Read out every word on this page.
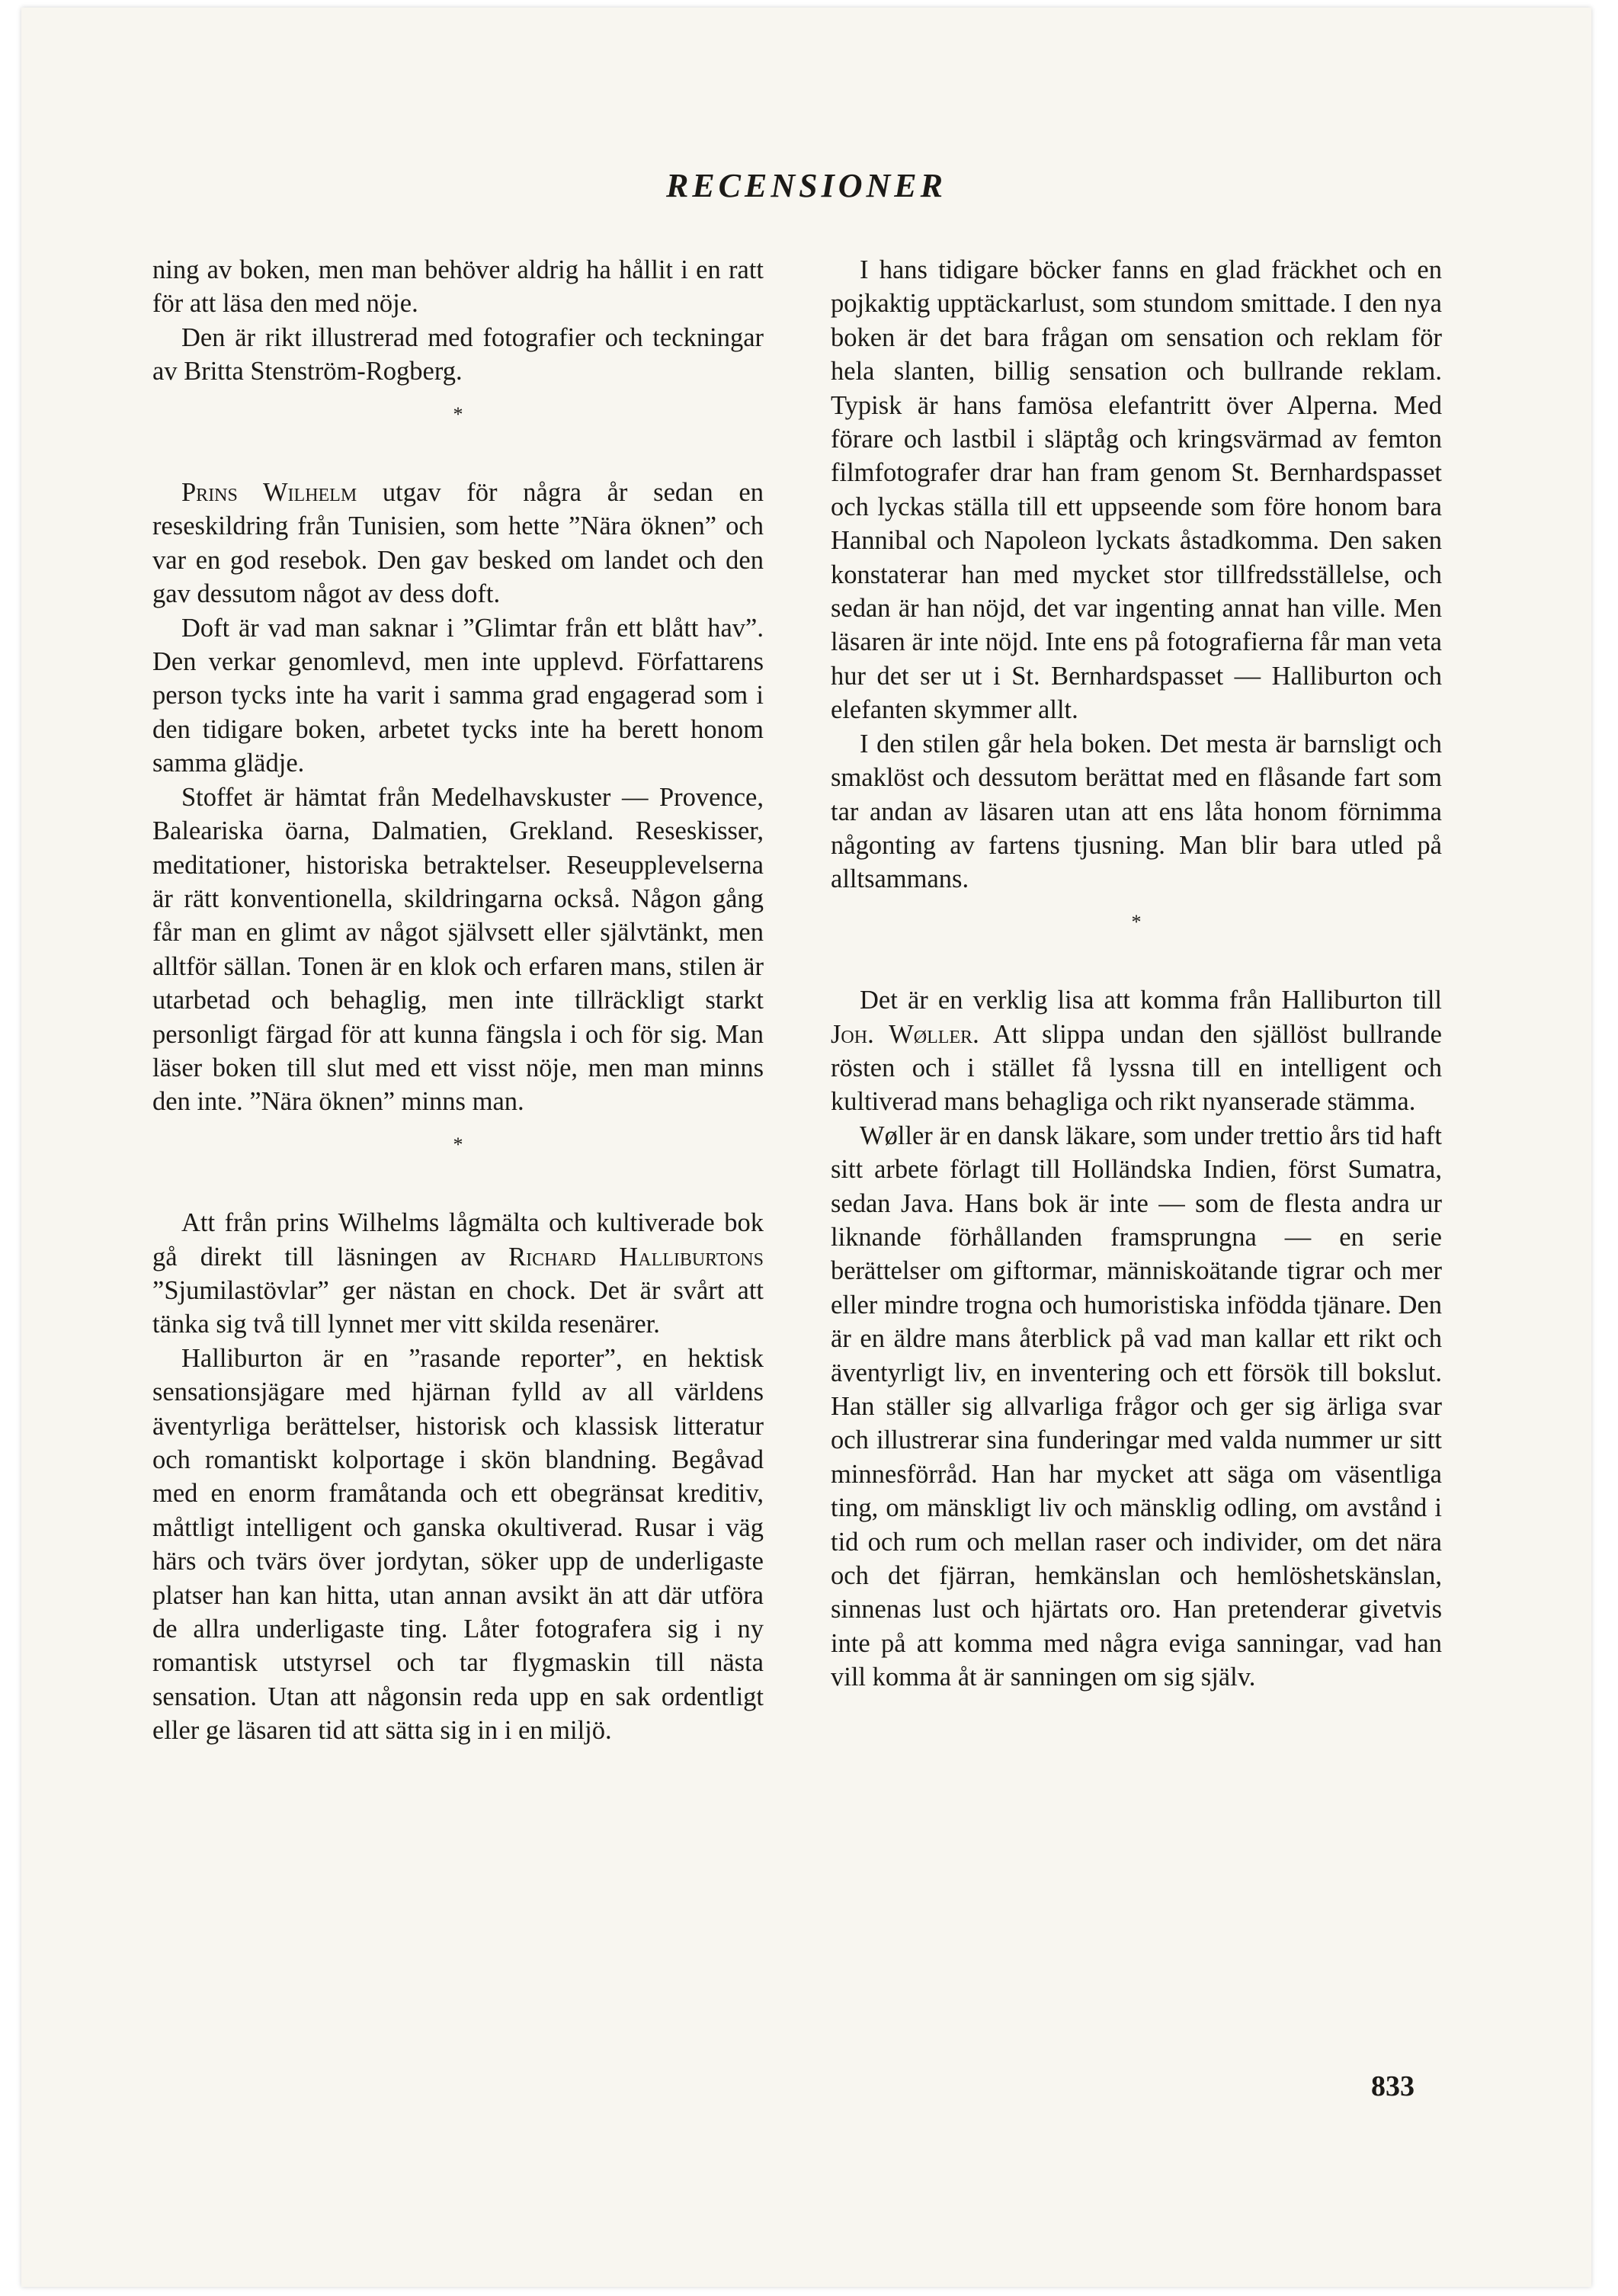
RECENSIONER

ning av boken, men man behöver aldrig ha hållit i en ratt för att läsa den med nöje.

Den är rikt illustrerad med fotografier och teckningar av Britta Stenström-Rogberg.

*

Prins Wilhelm utgav för några år sedan en reseskildring från Tunisien, som hette ”Nära öknen” och var en god resebok. Den gav besked om landet och den gav dessutom något av dess doft.

Doft är vad man saknar i ”Glimtar från ett blått hav”. Den verkar genomlevd, men inte upplevd. Författarens person tycks inte ha varit i samma grad engagerad som i den tidigare boken, arbetet tycks inte ha berett honom samma glädje.

Stoffet är hämtat från Medelhavskuster — Provence, Baleariska öarna, Dalmatien, Grekland. Reseskisser, meditationer, historiska betraktelser. Reseupplevelserna är rätt konventionella, skildringarna också. Någon gång får man en glimt av något självsett eller självtänkt, men alltför sällan. Tonen är en klok och erfaren mans, stilen är utarbetad och behaglig, men inte tillräckligt starkt personligt färgad för att kunna fängsla i och för sig. Man läser boken till slut med ett visst nöje, men man minns den inte. ”Nära öknen” minns man.

*

Att från prins Wilhelms lågmälta och kultiverade bok gå direkt till läsningen av Richard Halliburtons ”Sjumilastövlar” ger nästan en chock. Det är svårt att tänka sig två till lynnet mer vitt skilda resenärer.

Halliburton är en ”rasande reporter”, en hektisk sensationsjägare med hjärnan fylld av all världens äventyrliga berättelser, historisk och klassisk litteratur och romantiskt kolportage i skön blandning. Begåvad med en enorm framåtanda och ett obegränsat kreditiv, måttligt intelligent och ganska okultiverad. Rusar i väg härs och tvärs över jordytan, söker upp de underligaste platser han kan hitta, utan annan avsikt än att där utföra de allra underligaste ting. Låter fotografera sig i ny romantisk utstyrsel och tar flygmaskin till nästa sensation. Utan att någonsin reda upp en sak ordentligt eller ge läsaren tid att sätta sig in i en miljö.

I hans tidigare böcker fanns en glad fräckhet och en pojkaktig upptäckarlust, som stundom smittade. I den nya boken är det bara frågan om sensation och reklam för hela slanten, billig sensation och bullrande reklam. Typisk är hans famösa elefantritt över Alperna. Med förare och lastbil i släptåg och kringsvärmad av femton filmfotografer drar han fram genom St. Bernhardspasset och lyckas ställa till ett uppseende som före honom bara Hannibal och Napoleon lyckats åstadkomma. Den saken konstaterar han med mycket stor tillfredsställelse, och sedan är han nöjd, det var ingenting annat han ville. Men läsaren är inte nöjd. Inte ens på fotografierna får man veta hur det ser ut i St. Bernhardspasset — Halliburton och elefanten skymmer allt.

I den stilen går hela boken. Det mesta är barnsligt och smaklöst och dessutom berättat med en flåsande fart som tar andan av läsaren utan att ens låta honom förnimma någonting av fartens tjusning. Man blir bara utled på alltsammans.

*

Det är en verklig lisa att komma från Halliburton till Joh. Wøller. Att slippa undan den själlöst bullrande rösten och i stället få lyssna till en intelligent och kultiverad mans behagliga och rikt nyanserade stämma.

Wøller är en dansk läkare, som under trettio års tid haft sitt arbete förlagt till Holländska Indien, först Sumatra, sedan Java. Hans bok är inte — som de flesta andra ur liknande förhållanden framsprungna — en serie berättelser om giftormar, människoätande tigrar och mer eller mindre trogna och humoristiska infödda tjänare. Den är en äldre mans återblick på vad man kallar ett rikt och äventyrligt liv, en inventering och ett försök till bokslut. Han ställer sig allvarliga frågor och ger sig ärliga svar och illustrerar sina funderingar med valda nummer ur sitt minnesförråd. Han har mycket att säga om väsentliga ting, om mänskligt liv och mänsklig odling, om avstånd i tid och rum och mellan raser och individer, om det nära och det fjärran, hemkänslan och hemlöshetskänslan, sinnenas lust och hjärtats oro. Han pretenderar givetvis inte på att komma med några eviga sanningar, vad han vill komma åt är sanningen om sig själv.

833
